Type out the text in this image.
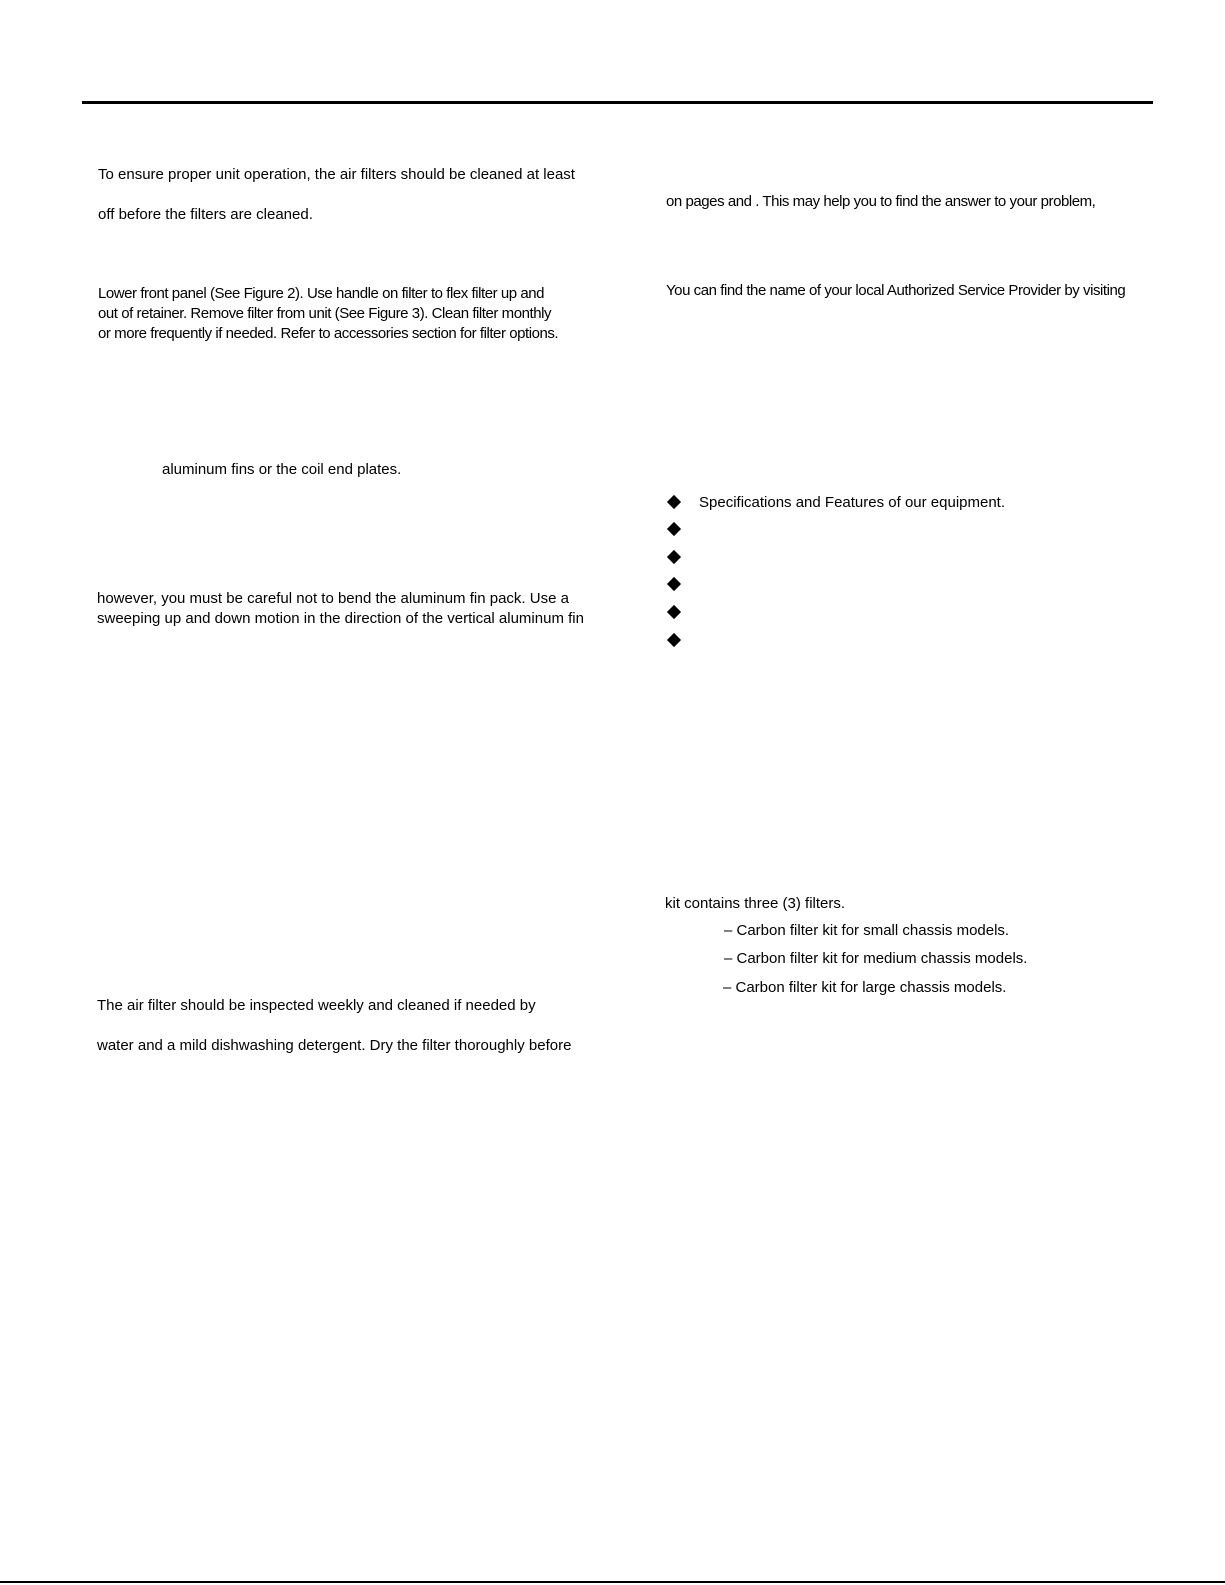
To ensure proper unit operation, the air filters should be cleaned at least
off before the filters are cleaned.
Lower front panel (See Figure 2). Use handle on filter to flex filter up and
out of retainer. Remove filter from unit (See Figure 3). Clean filter monthly
or more frequently if needed. Refer to accessories section for filter options.
aluminum fins or the coil end plates.
however, you must be careful not to bend the aluminum fin pack. Use a
sweeping up and down motion in the direction of the vertical aluminum fin
The air filter should be inspected weekly and cleaned if needed by
water and a mild dishwashing detergent. Dry the filter thoroughly before
on pages and . This may help you to find the answer to your problem,
You can find the name of your local Authorized Service Provider by visiting
Specifications and Features of our equipment.
kit contains three (3) filters.
– Carbon filter kit for small chassis models.
– Carbon filter kit for medium chassis models.
– Carbon filter kit for large chassis models.
